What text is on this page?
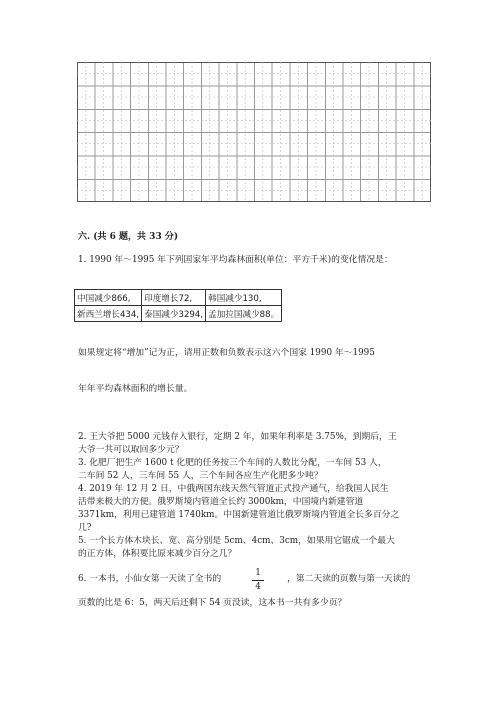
六. (共 6 题，共 33 分)
1. 1990 年～1995 年下列国家年平均森林面积(单位：平方千米)的变化情况是：
中国减少866,	印度增长72,	韩国减少130,
新西兰增长434,	泰国减少3294,	孟加拉国减少88。
如果规定将“增加”记为正，请用正数和负数表示这六个国家 1990 年～1995
年年平均森林面积的增长量。
2. 王大爷把 5000 元钱存入银行，定期 2 年，如果年利率是 3.75%，到期后，王
大爷一共可以取回多少元？
3. 化肥厂把生产 1600 t 化肥的任务按三个车间的人数比分配，一车间 53 人，
二车间 52 人，三车间 55 人，三个车间各应生产化肥多少吨？
4. 2019 年 12 月 2 日，中俄两国东线天然气管道正式投产通气，给我国人民生
活带来极大的方便。俄罗斯境内管道全长约 3000km，中国境内新建管道
3371km，利用已建管道 1740km。中国新建管道比俄罗斯境内管道全长多百分之
几?
5. 一个长方体木块长、宽、高分别是 5cm、4cm、3cm，如果用它锯成一个最大
的正方体，体积要比原来减少百分之几？
6. 一本书，小仙女第一天读了全书的
1
4
，第二天读的页数与第一天读的
页数的比是 6：5，两天后还剩下 54 页没读，这本书一共有多少页？
